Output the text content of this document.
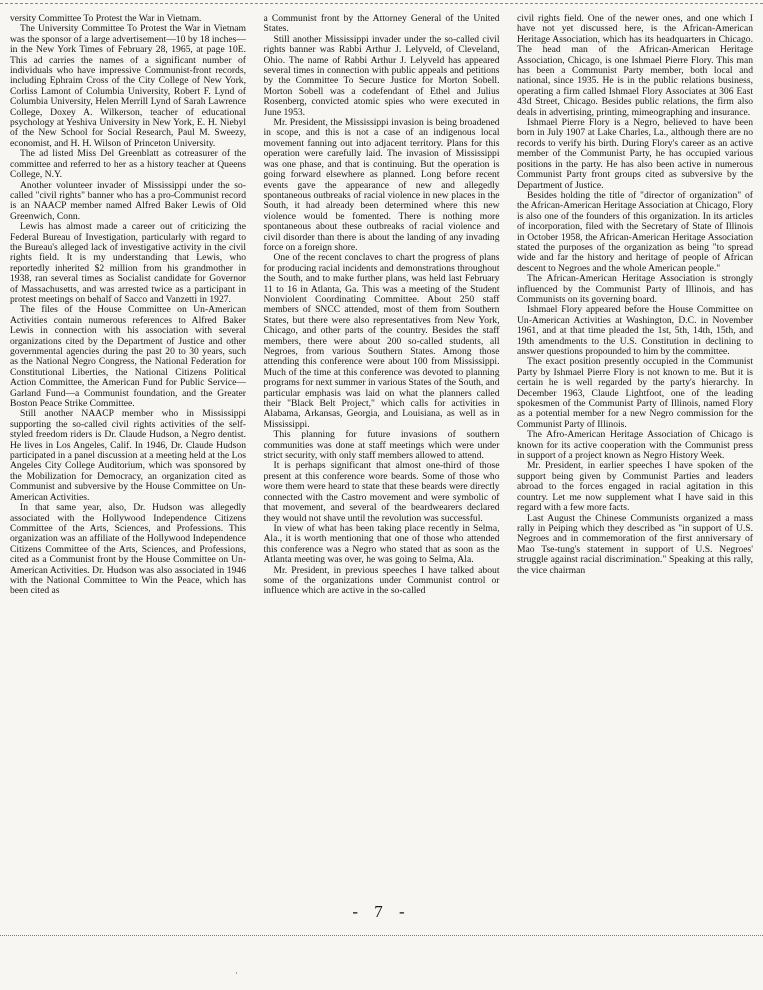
versity Committee To Protest the War in Vietnam.

The University Committee To Protest the War in Vietnam was the sponsor of a large advertisement—10 by 18 inches—in the New York Times of February 28, 1965, at page 10E. This ad carries the names of a significant number of individuals who have impressive Communist-front records, including Ephraim Cross of the City College of New York, Corliss Lamont of Columbia University, Robert F. Lynd of Columbia University, Helen Merrill Lynd of Sarah Lawrence College, Doxey A. Wilkerson, teacher of educational psychology at Yeshiva University in New York, E. H. Niebyl of the New School for Social Research, Paul M. Sweezy, economist, and H. H. Wilson of Princeton University.

The ad listed Miss Del Greenblatt as cotreasurer of the committee and referred to her as a history teacher at Queens College, N.Y.

Another volunteer invader of Mississippi under the so-called "civil rights" banner who has a pro-Communist record is an NAACP member named Alfred Baker Lewis of Old Greenwich, Conn.

Lewis has almost made a career out of criticizing the Federal Bureau of Investigation, particularly with regard to the Bureau's alleged lack of investigative activity in the civil rights field. It is my understanding that Lewis, who reportedly inherited $2 million from his grandmother in 1938, ran several times as Socialist candidate for Governor of Massachusetts, and was arrested twice as a participant in protest meetings on behalf of Sacco and Vanzetti in 1927.

The files of the House Committee on Un-American Activities contain numerous references to Alfred Baker Lewis in connection with his association with several organizations cited by the Department of Justice and other governmental agencies during the past 20 to 30 years, such as the National Negro Congress, the National Federation for Constitutional Liberties, the National Citizens Political Action Committee, the American Fund for Public Service—Garland Fund—a Communist foundation, and the Greater Boston Peace Strike Committee.

Still another NAACP member who in Mississippi supporting the so-called civil rights activities of the self-styled freedom riders is Dr. Claude Hudson, a Negro dentist. He lives in Los Angeles, Calif. In 1946, Dr. Claude Hudson participated in a panel discussion at a meeting held at the Los Angeles City College Auditorium, which was sponsored by the Mobilization for Democracy, an organization cited as Communist and subversive by the House Committee on Un-American Activities.

In that same year, also, Dr. Hudson was allegedly associated with the Hollywood Independence Citizens Committee of the Arts, Sciences, and Professions. This organization was an affiliate of the Hollywood Independence Citizens Committee of the Arts, Sciences, and Professions, cited as a Communist front by the House Committee on Un-American Activities. Dr. Hudson was also associated in 1946 with the National Committee to Win the Peace, which has been cited as

a Communist front by the Attorney General of the United States.

Still another Mississippi invader under the so-called civil rights banner was Rabbi Arthur J. Lelyveld, of Cleveland, Ohio. The name of Rabbi Arthur J. Lelyveld has appeared several times in connection with public appeals and petitions by the Committee To Secure Justice for Morton Sobell. Morton Sobell was a codefendant of Ethel and Julius Rosenberg, convicted atomic spies who were executed in June 1953.

Mr. President, the Mississippi invasion is being broadened in scope, and this is not a case of an indigenous local movement fanning out into adjacent territory. Plans for this operation were carefully laid. The invasion of Mississippi was one phase, and that is continuing. But the operation is going forward elsewhere as planned. Long before recent events gave the appearance of new and allegedly spontaneous outbreaks of racial violence in new places in the South, it had already been determined where this new violence would be fomented. There is nothing more spontaneous about these outbreaks of racial violence and civil disorder than there is about the landing of any invading force on a foreign shore.

One of the recent conclaves to chart the progress of plans for producing racial incidents and demonstrations throughout the South, and to make further plans, was held last February 11 to 16 in Atlanta, Ga. This was a meeting of the Student Nonviolent Coordinating Committee. About 250 staff members of SNCC attended, most of them from Southern States, but there were also representatives from New York, Chicago, and other parts of the country. Besides the staff members, there were about 200 so-called students, all Negroes, from various Southern States. Among those attending this conference were about 100 from Mississippi. Much of the time at this conference was devoted to planning programs for next summer in various States of the South, and particular emphasis was laid on what the planners called their "Black Belt Project," which calls for activities in Alabama, Arkansas, Georgia, and Louisiana, as well as in Mississippi.

This planning for future invasions of southern communities was done at staff meetings which were under strict security, with only staff members allowed to attend.

It is perhaps significant that almost one-third of those present at this conference wore beards. Some of those who wore them were heard to state that these beards were directly connected with the Castro movement and were symbolic of that movement, and several of the beardwearers declared they would not shave until the revolution was successful.

In view of what has been taking place recently in Selma, Ala., it is worth mentioning that one of those who attended this conference was a Negro who stated that as soon as the Atlanta meeting was over, he was going to Selma, Ala.

Mr. President, in previous speeches I have talked about some of the organizations under Communist control or influence which are active in the so-called

civil rights field. One of the newer ones, and one which I have not yet discussed here, is the African-American Heritage Association, which has its headquarters in Chicago. The head man of the African-American Heritage Association, Chicago, is one Ishmael Pierre Flory. This man has been a Communist Party member, both local and national, since 1935. He is in the public relations business, operating a firm called Ishmael Flory Associates at 306 East 43d Street, Chicago. Besides public relations, the firm also deals in advertising, printing, mimeographing and insurance.

Ishmael Pierre Flory is a Negro, believed to have been born in July 1907 at Lake Charles, La., although there are no records to verify his birth. During Flory's career as an active member of the Communist Party, he has occupied various positions in the party. He has also been active in numerous Communist Party front groups cited as subversive by the Department of Justice.

Besides holding the title of "director of organization" of the African-American Heritage Association at Chicago, Flory is also one of the founders of this organization. In its articles of incorporation, filed with the Secretary of State of Illinois in October 1958, the African-American Heritage Association stated the purposes of the organization as being "to spread wide and far the history and heritage of people of African descent to Negroes and the whole American people."

The African-American Heritage Association is strongly influenced by the Communist Party of Illinois, and has Communists on its governing board.

Ishmael Flory appeared before the House Committee on Un-American Activities at Washington, D.C. in November 1961, and at that time pleaded the 1st, 5th, 14th, 15th, and 19th amendments to the U.S. Constitution in declining to answer questions propounded to him by the committee.

The exact position presently occupied in the Communist Party by Ishmael Pierre Flory is not known to me. But it is certain he is well regarded by the party's hierarchy. In December 1963, Claude Lightfoot, one of the leading spokesmen of the Communist Party of Illinois, named Flory as a potential member for a new Negro commission for the Communist Party of Illinois.

The Afro-American Heritage Association of Chicago is known for its active cooperation with the Communist press in support of a project known as Negro History Week.

Mr. President, in earlier speeches I have spoken of the support being given by Communist Parties and leaders abroad to the forces engaged in racial agitation in this country. Let me now supplement what I have said in this regard with a few more facts.

Last August the Chinese Communists organized a mass rally in Peiping which they described as "in support of U.S. Negroes and in commemoration of the first anniversary of Mao Tse-tung's statement in support of U.S. Negroes' struggle against racial discrimination." Speaking at this rally, the vice chairman

- 7 -
·
